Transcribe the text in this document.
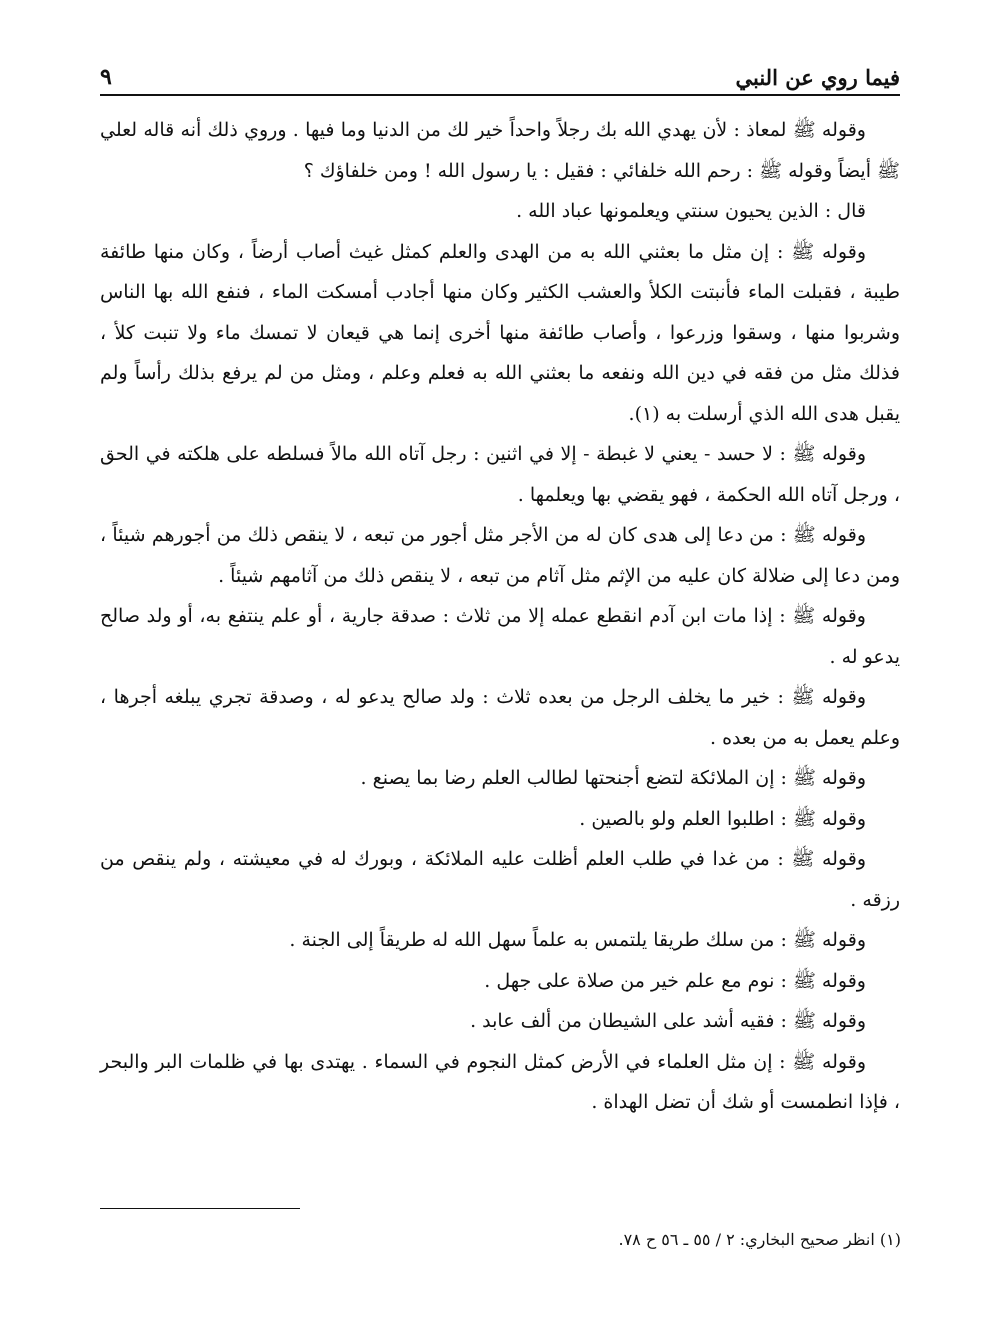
فيما روي عن النبي
٩

وقوله ﷺ لمعاذ : لأن يهدي الله بك رجلاً واحداً خير لك من الدنيا وما فيها . وروي ذلك أنه قاله لعلي ﷺ أيضاً وقوله ﷺ : رحم الله خلفائي : فقيل : يا رسول الله ! ومن خلفاؤك ؟

قال : الذين يحيون سنتي ويعلمونها عباد الله .

وقوله ﷺ : إن مثل ما بعثني الله به من الهدى والعلم كمثل غيث أصاب أرضاً ، وكان منها طائفة طيبة ، فقبلت الماء فأنبتت الكلأ والعشب الكثير وكان منها أجادب أمسكت الماء ، فنفع الله بها الناس وشربوا منها ، وسقوا وزرعوا ، وأصاب طائفة منها أخرى إنما هي قيعان لا تمسك ماء ولا تنبت كلأ ، فذلك مثل من فقه في دين الله ونفعه ما بعثني الله به فعلم وعلم ، ومثل من لم يرفع بذلك رأساً ولم يقبل هدى الله الذي أرسلت به (١).

وقوله ﷺ : لا حسد - يعني لا غبطة - إلا في اثنين : رجل آتاه الله مالاً فسلطه على هلكته في الحق ، ورجل آتاه الله الحكمة ، فهو يقضي بها ويعلمها .

وقوله ﷺ : من دعا إلى هدى كان له من الأجر مثل أجور من تبعه ، لا ينقص ذلك من أجورهم شيئاً ، ومن دعا إلى ضلالة كان عليه من الإثم مثل آثام من تبعه ، لا ينقص ذلك من آثامهم شيئاً .

وقوله ﷺ : إذا مات ابن آدم انقطع عمله إلا من ثلاث : صدقة جارية ، أو علم ينتفع به، أو ولد صالح يدعو له .

وقوله ﷺ : خير ما يخلف الرجل من بعده ثلاث : ولد صالح يدعو له ، وصدقة تجري يبلغه أجرها ، وعلم يعمل به من بعده .

وقوله ﷺ : إن الملائكة لتضع أجنحتها لطالب العلم رضا بما يصنع .

وقوله ﷺ : اطلبوا العلم ولو بالصين .

وقوله ﷺ : من غدا في طلب العلم أظلت عليه الملائكة ، وبورك له في معيشته ، ولم ينقص من رزقه .

وقوله ﷺ : من سلك طريقا يلتمس به علماً سهل الله له طريقاً إلى الجنة .

وقوله ﷺ : نوم مع علم خير من صلاة على جهل .

وقوله ﷺ : فقيه أشد على الشيطان من ألف عابد .

وقوله ﷺ : إن مثل العلماء في الأرض كمثل النجوم في السماء . يهتدى بها في ظلمات البر والبحر ، فإذا انطمست أو شك أن تضل الهداة .

(١) انظر صحيح البخاري: ٢ / ٥٥ ـ ٥٦ ح ٧٨.
